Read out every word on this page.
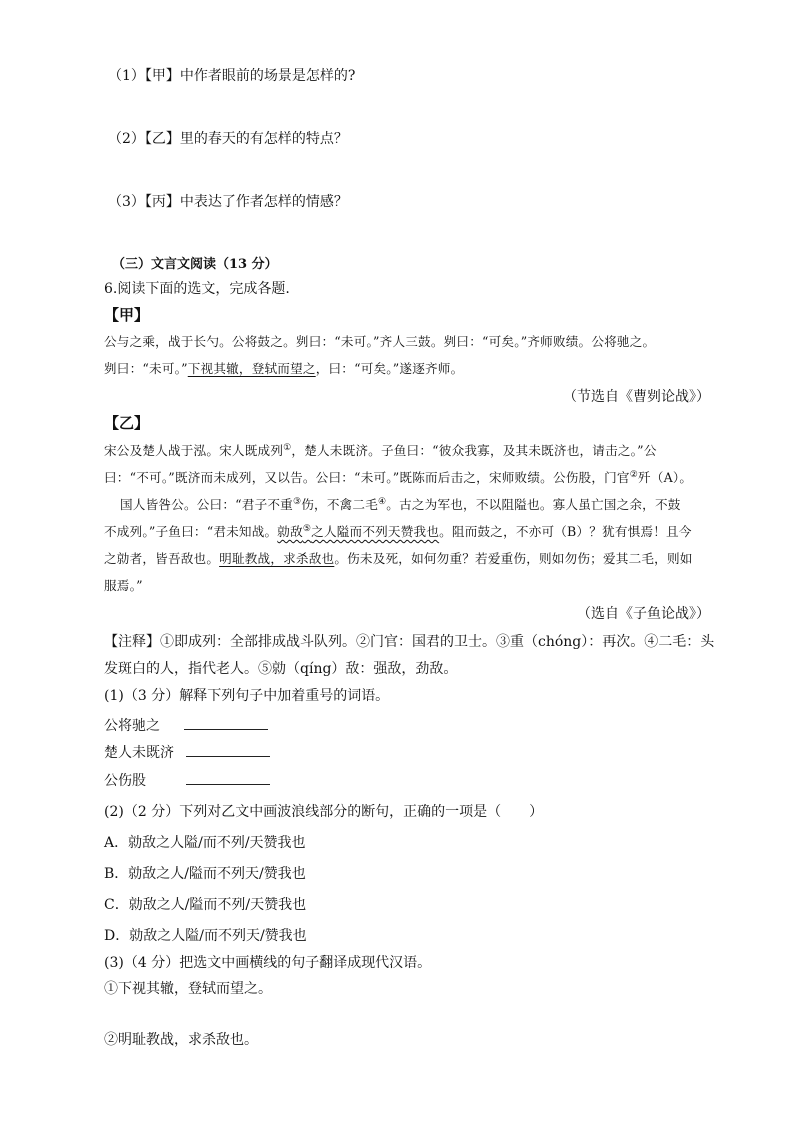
（1）【甲】中作者眼前的场景是怎样的?
（2）【乙】里的春天的有怎样的特点？
（3）【丙】中表达了作者怎样的情感？
（三）文言文阅读（13 分）
6.阅读下面的选文，完成各题.
【甲】
公与之乘，战于长勺。公将鼓之。刿曰：“未可。”齐人三鼓。刿曰：“可矣。”齐师败绩。公将驰之。
刿曰：“未可。”下视其辙，登轼而望之，曰：“可矣。”遂逐齐师。
（节选自《曹刿论战》）
【乙】
宋公及楚人战于泓。宋人既成列①，楚人未既济。子鱼曰：“彼众我寡，及其未既济也，请击之。”公
曰：“不可。”既济而未成列，又以告。公曰：“未可。”既陈而后击之，宋师败绩。公伤股，门官②歼（A）。
国人皆咎公。公曰：“君子不重③伤，不禽二毛④。古之为军也，不以阻隘也。寡人虽亡国之余，不鼓
不成列。”子鱼曰：“君未知战。勍敌⑤之人隘而不列天赞我也。阻而鼓之，不亦可（B）？犹有惧焉！且今
之勍者，皆吾敌也。明耻教战，求杀敌也。伤未及死，如何勿重？若爱重伤，则如勿伤；爱其二毛，则如
服焉。”
（选自《子鱼论战》）
【注释】①即成列：全部排成战斗队列。②门官：国君的卫士。③重（chóng）：再次。④二毛：头
发斑白的人，指代老人。⑤勍（qíng）敌：强敌，劲敌。
(1)（3 分）解释下列句子中加着重号的词语。
公将驰之
楚人未既济
公伤股
(2)（2 分）下列对乙文中画波浪线部分的断句，正确的一项是（　　）
A．勍敌之人隘/而不列/天赞我也
B．勍敌之人/隘而不列天/赞我也
C．勍敌之人/隘而不列/天赞我也
D．勍敌之人隘/而不列天/赞我也
(3)（4 分）把选文中画横线的句子翻译成现代汉语。
①下视其辙，登轼而望之。
②明耻教战，求杀敌也。
